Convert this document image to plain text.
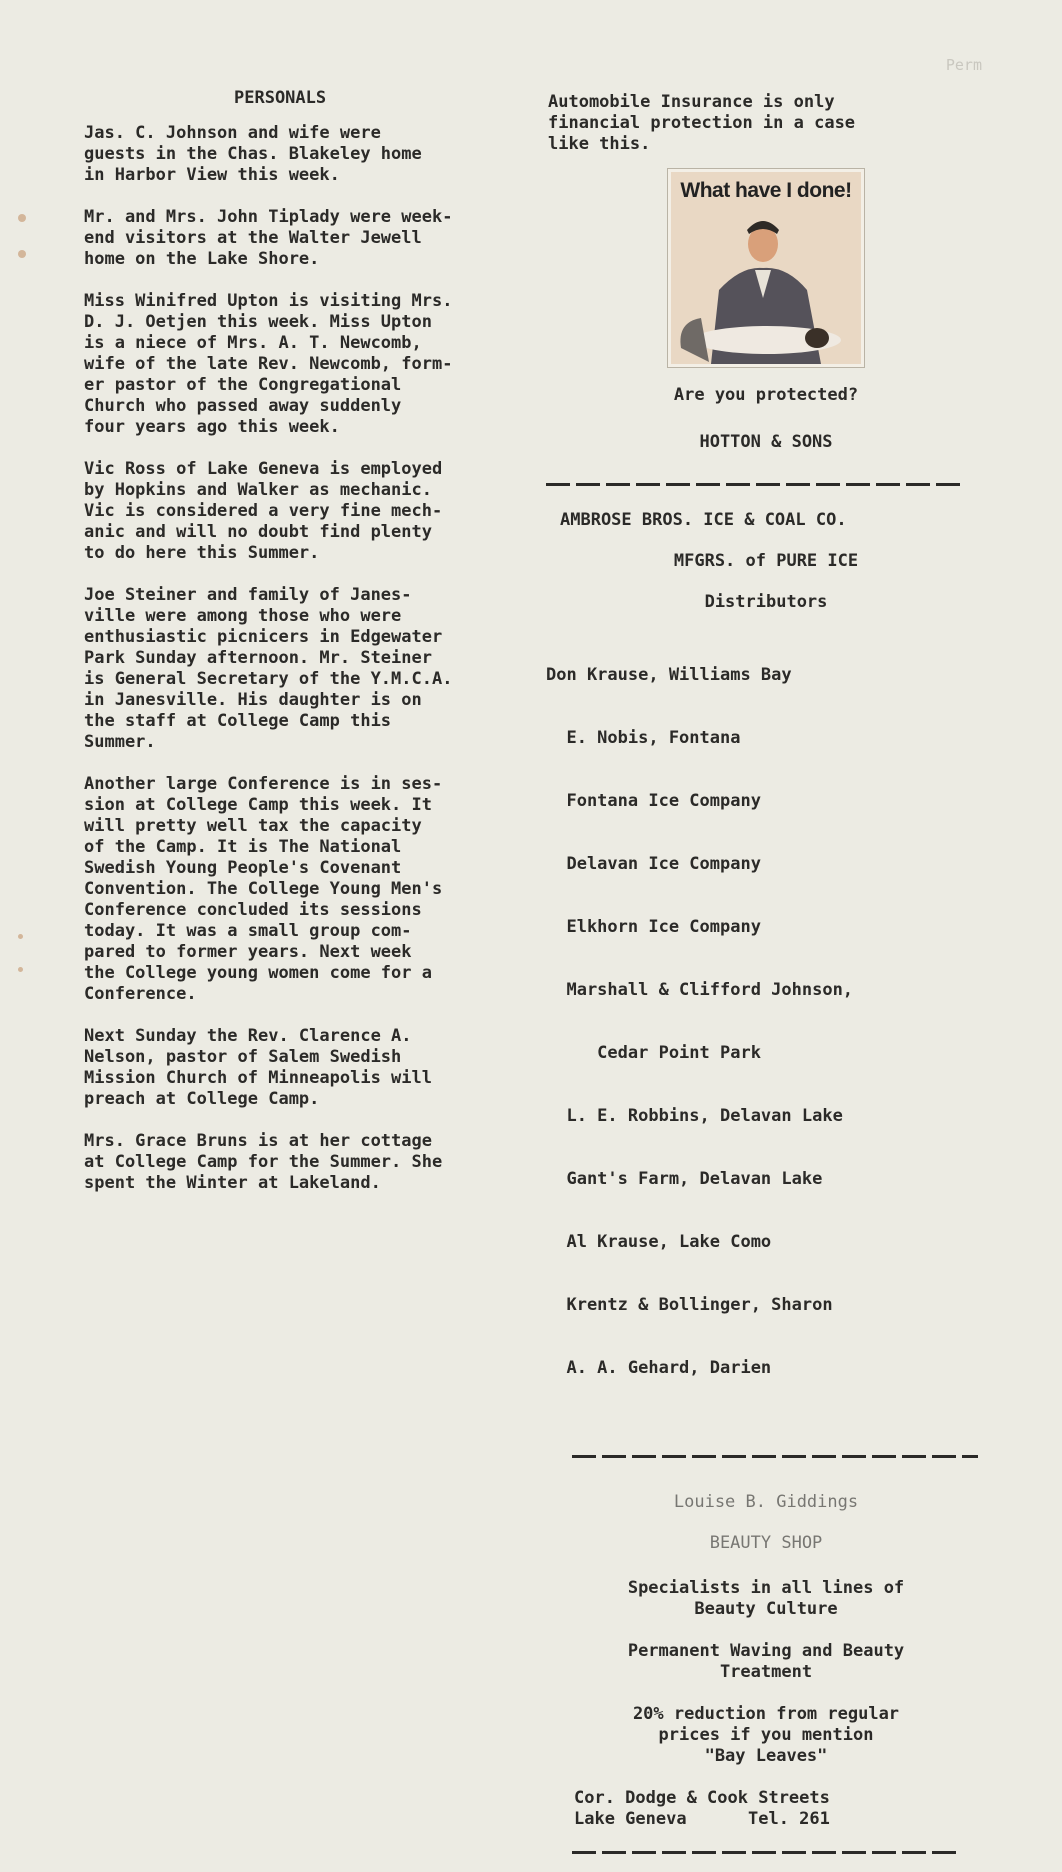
Perm
PERSONALS

Jas. C. Johnson and wife were
guests in the Chas. Blakeley home
in Harbor View this week.

Mr. and Mrs. John Tiplady were week-
end visitors at the Walter Jewell
home on the Lake Shore.

Miss Winifred Upton is visiting Mrs.
D. J. Oetjen this week. Miss Upton
is a niece of Mrs. A. T. Newcomb,
wife of the late Rev. Newcomb, form-
er pastor of the Congregational
Church who passed away suddenly
four years ago this week.

Vic Ross of Lake Geneva is employed
by Hopkins and Walker as mechanic.
Vic is considered a very fine mech-
anic and will no doubt find plenty
to do here this Summer.

Joe Steiner and family of Janes-
ville were among those who were
enthusiastic picnicers in Edgewater
Park Sunday afternoon. Mr. Steiner
is General Secretary of the Y.M.C.A.
in Janesville. His daughter is on
the staff at College Camp this
Summer.

Another large Conference is in ses-
sion at College Camp this week. It
will pretty well tax the capacity
of the Camp. It is The National
Swedish Young People's Covenant
Convention. The College Young Men's
Conference concluded its sessions
today. It was a small group com-
pared to former years. Next week
the College young women come for a
Conference.

Next Sunday the Rev. Clarence A.
Nelson, pastor of Salem Swedish
Mission Church of Minneapolis will
preach at College Camp.

Mrs. Grace Bruns is at her cottage
at College Camp for the Summer. She
spent the Winter at Lakeland.

Automobile Insurance is only
financial protection in a case
like this.

What have I done!
Are you protected?
HOTTON & SONS
AMBROSE BROS. ICE & COAL CO.
MFGRS. of PURE ICE
Distributors

Don Krause, Williams Bay

E. Nobis, Fontana

Fontana Ice Company

Delavan Ice Company

Elkhorn Ice Company

Marshall & Clifford Johnson,

Cedar Point Park

L. E. Robbins, Delavan Lake

Gant's Farm, Delavan Lake

Al Krause, Lake Como

Krentz & Bollinger, Sharon

A. A. Gehard, Darien

Louise B. Giddings
BEAUTY SHOP

Specialists in all lines of
Beauty Culture

Permanent Waving and Beauty
Treatment

20% reduction from regular
prices if you mention
"Bay Leaves"

Cor. Dodge & Cook Streets
Lake Geneva      Tel. 261
